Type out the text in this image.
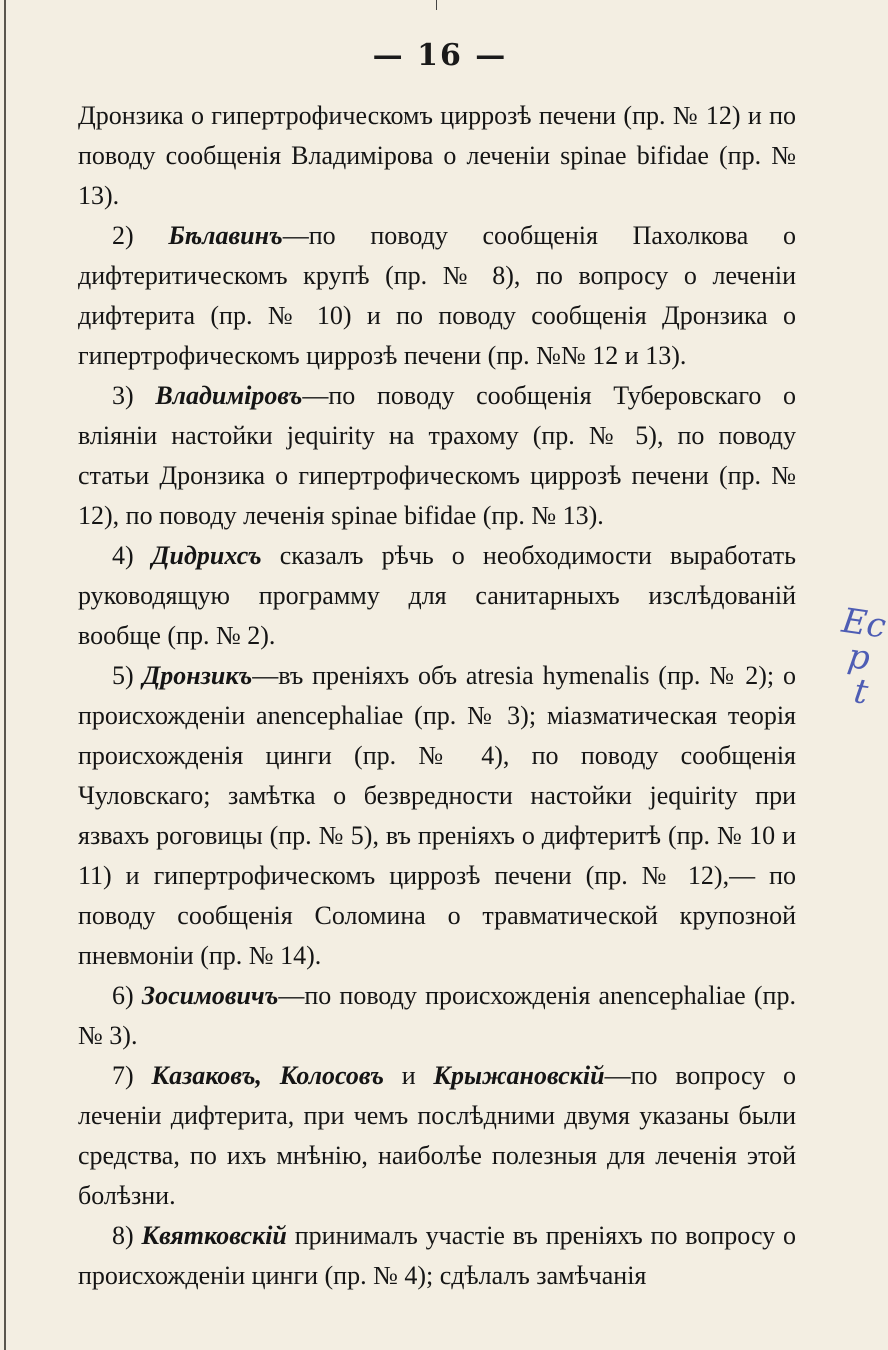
— 16 —

Дронзика о гипертрофическомъ циррозѣ печени (пр. № 12) и по поводу сообщенія Владимірова о леченіи spinae bifidae (пр. № 13).

2) Бѣлавинъ—по поводу сообщенія Пахолкова о дифтеритическомъ крупѣ (пр. № 8), по вопросу о леченіи дифтерита (пр. № 10) и по поводу сообщенія Дронзика о гипертрофическомъ циррозѣ печени (пр. №№ 12 и 13).

3) Владиміровъ—по поводу сообщенія Туберовскаго о вліяніи настойки jequirity на трахому (пр. № 5), по поводу статьи Дронзика о гипертрофическомъ циррозѣ печени (пр. № 12), по поводу леченія spinae bifidae (пр. № 13).

4) Дидрихсъ сказалъ рѣчь о необходимости выработать руководящую программу для санитарныхъ изслѣдованій вообще (пр. № 2).

5) Дронзикъ—въ преніяхъ объ atresia hymenalis (пр. № 2); о происхожденіи anencephaliae (пр. № 3); міазматическая теорія происхожденія цинги (пр. № 4), по поводу сообщенія Чуловскаго; замѣтка о безвредности настойки jequirity при язвахъ роговицы (пр. № 5), въ преніяхъ о дифтеритѣ (пр. № 10 и 11) и гипертрофическомъ циррозѣ печени (пр. № 12),— по поводу сообщенія Соломина о травматической крупозной пневмоніи (пр. № 14).

6) Зосимовичъ—по поводу происхожденія anencephaliae (пр. № 3).

7) Казаковъ, Колосовъ и Крыжановскій—по вопросу о леченіи дифтерита, при чемъ послѣдними двумя указаны были средства, по ихъ мнѣнію, наиболѣе полезныя для леченія этой болѣзни.

8) Квятковскій принималъ участіе въ преніяхъ по вопросу о происхожденіи цинги (пр. № 4); сдѣлалъ замѣчанія

Ес
р
t
